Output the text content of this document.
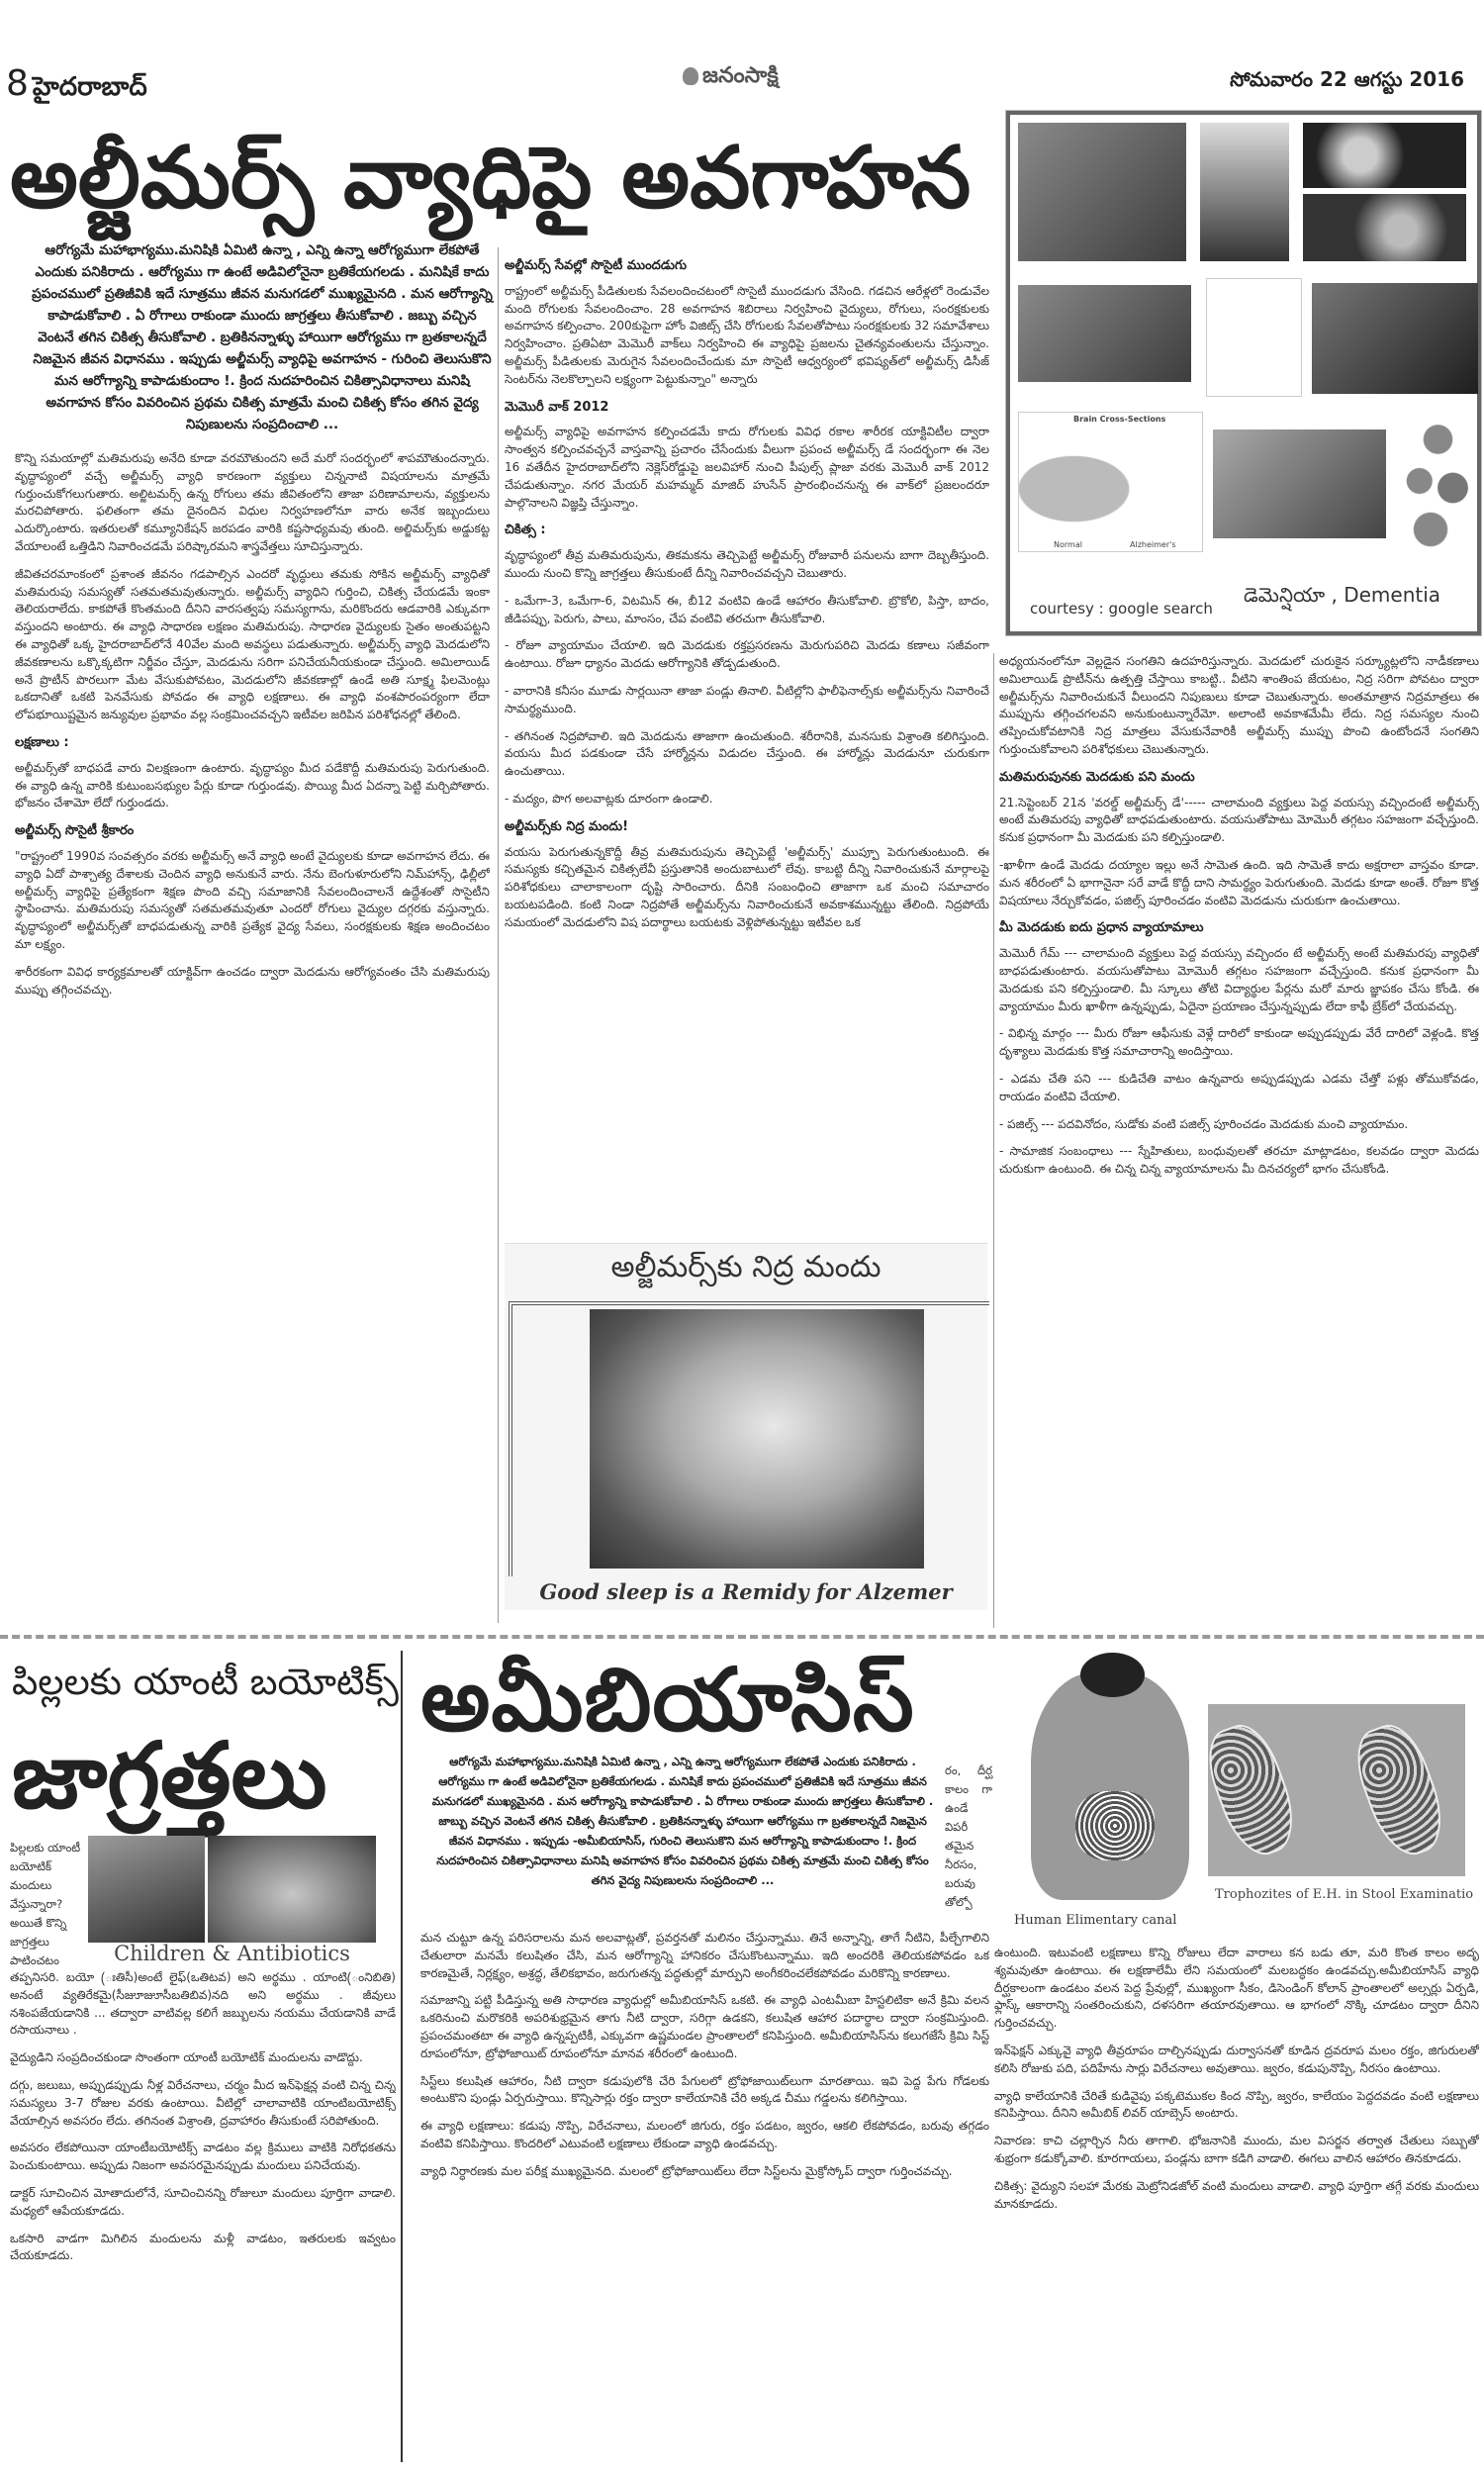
8 హైదరాబాద్	జనంసాక్షి	సోమవారం 22 ఆగస్టు 2016
అల్జీమర్స్ వ్యాధిపై అవగాహన
ఆరోగ్యమే మహాభాగ్యము.మనిషికి ఏమిటి ఉన్నా , ఎన్ని ఉన్నా ఆరోగ్యముగా లేకపోతే ఎందుకు పనికిరాదు . ఆరోగ్యము గా ఉంటే అడివిలోనైనా బ్రతికేయగలడు . మనిషికే కాదు ప్రపంచములో ప్రతిజీవికి ఇదే సూత్రము జీవన మనుగడలో ముఖ్యమైనది . మన ఆరోగ్యాన్ని కాపాడుకోవాలి . ఏ రోగాలు రాకుండా ముందు జాగ్రత్తలు తీసుకోవాలి . జబ్బు వచ్చిన వెంటనే తగిన చికిత్స తీసుకోవాలి . బ్రతికినన్నాళ్ళు హాయిగా ఆరోగ్యము గా బ్రతకాలన్నదే నిజమైన జీవన విధానము . ఇప్పుడు అల్జీమర్స్ వ్యాధిపై అవగాహన - గురించి తెలుసుకొని మన ఆరోగ్యాన్ని కాపాడుకుందాం !. క్రింద నుదహరించిన చికిత్సావిధానాలు మనిషి అవగాహన కోసం వివరించిన ప్రథమ చికిత్స మాత్రమే మంచి చికిత్స కోసం తగిన వైద్య నిపుణులను సంప్రదించాలి ...

కొన్ని సమయాల్లో మతిమరుపు అనేది కూడా వరమౌతుందని అదే మరో సందర్భంలో శాపమౌతుందన్నారు. వృద్ధాప్యంలో వచ్చే అల్జీమర్స్ వ్యాధి కారణంగా వ్యక్తులు చిన్ననాటి విషయాలను మాత్రమే గుర్తుంచుకోగలుగుతారు. అల్జిటమర్స్ ఉన్న రోగులు తమ జీవితంలోని తాజా పరిణామాలను, వ్యక్తులను మరచిపోతారు. ఫలితంగా తమ దైనందిన విధుల నిర్వహణలోనూ వారు అనేక ఇబ్బందులు ఎదుర్కొంటారు. ఇతరులతో కమ్యూనికేషన్ జరపడం వారికి కష్టసాధ్యమవు తుంది. అల్జిమర్స్‌కు అడ్డుకట్ట వేయాలంటే ఒత్తిడిని నివారించడమే పరిష్కారమని శాస్త్రవేత్తలు సూచిస్తున్నారు.

జీవితచరమాంకంలో ప్రశాంత జీవనం గడపాల్సిన ఎందరో వృద్ధులు తమకు సోకిన అల్జీమర్స్ వ్యాధితో మతిమరుపు సమస్యతో సతమతమవుతున్నారు. అల్జీమర్స్ వ్యాధిని గుర్తించి, చికిత్స చేయడమే ఇంకా తెలియరాలేదు. కాకపోతే కొంతమంది దీనిని వారసత్వపు సమస్యగాను, మరికొందరు ఆడవారికి ఎక్కువగా వస్తుందని అంటారు. ఈ వ్యాధి సాధారణ లక్షణం మతిమరుపు. సాధారణ వైద్యులకు సైతం అంతుపట్టని ఈ వ్యాధితో ఒక్క హైదరాబాద్‌లోనే 40వేల మంది అవస్థలు పడుతున్నారు. అల్జీమర్స్ వ్యాధి మెదడులోని జీవకణాలను ఒక్కొక్కటిగా నిర్జీవం చేస్తూ, మెదడును సరిగా పనిచేయనీయకుండా చేస్తుంది. అమిలాయిడ్ అనే ప్రొటీన్ పొరలుగా మేట వేసుకుపోవటం, మెదడులోని జీవకణాల్లో ఉండే అతి సూక్ష్మ ఫిలమెంట్లు ఒకదానితో ఒకటి పెనవేసుకు పోవడం ఈ వ్యాధి లక్షణాలు. ఈ వ్యాధి వంశపారంపర్యంగా లేదా లోపభూయిష్టమైన జన్యువుల ప్రభావం వల్ల సంక్రమించవచ్చని ఇటీవల జరిపిన పరిశోధనల్లో తేలింది.

లక్షణాలు :

అల్జీమర్స్‌తో బాధపడే వారు విలక్షణంగా ఉంటారు. వృద్ధాప్యం మీద పడేకొద్దీ మతిమరుపు పెరుగుతుంది. ఈ వ్యాధి ఉన్న వారికి కుటుంబసభ్యుల పేర్లు కూడా గుర్తుండవు. పొయ్యి మీద ఏదన్నా పెట్టి మర్చిపోతారు. భోజనం చేశామో లేదో గుర్తుండదు.

అల్జీమర్స్ సొసైటీ శ్రీకారం

"రాష్ట్రంలో 1990వ సంవత్సరం వరకు అల్జీమర్స్ అనే వ్యాధి అంటే వైద్యులకు కూడా అవగాహన లేదు. ఈ వ్యాధి ఏదో పాశ్చాత్య దేశాలకు చెందిన వ్యాధి అనుకునే వారు. నేను బెంగుళూరులోని నిమ్‌హాన్స్, ఢిల్లీలో అల్జీమర్స్ వ్యాధిపై ప్రత్యేకంగా శిక్షణ పొంది వచ్చి సమాజానికి సేవలందించాలనే ఉద్దేశంతో సొసైటీని స్థాపించాను. మతిమరుపు సమస్యతో సతమతమవుతూ ఎందరో రోగులు వైద్యుల దగ్గరకు వస్తున్నారు. వృద్ధాప్యంలో అల్జీమర్స్‌తో బాధపడుతున్న వారికి ప్రత్యేక వైద్య సేవలు, సంరక్షకులకు శిక్షణ అందించటం మా లక్ష్యం.

శారీరకంగా వివిధ కార్యక్రమాలతో యాక్టివ్‌గా ఉంచడం ద్వారా మెదడును ఆరోగ్యవంతం చేసి మతిమరుపు ముప్పు తగ్గించవచ్చు.

అల్జీమర్స్ సేవల్లో సొసైటీ ముందడుగు

రాష్ట్రంలో అల్జీమర్స్ పీడితులకు సేవలందించటంలో సొసైటీ ముందడుగు వేసింది. గడచిన ఆరేళ్లలో రెండువేల మంది రోగులకు సేవలందించాం. 28 అవగాహన శిబిరాలు నిర్వహించి వైద్యులు, రోగులు, సంరక్షకులకు అవగాహన కల్పించాం. 200కుపైగా హోం విజిట్స్ చేసి రోగులకు సేవలతోపాటు సంరక్షకులకు 32 సమావేశాలు నిర్వహించాం. ప్రతిఏటా మెమొరీ వాక్‌లు నిర్వహించి ఈ వ్యాధిపై ప్రజలను చైతన్యవంతులను చేస్తున్నాం. అల్జీమర్స్ పీడితులకు మెరుగైన సేవలందించేందుకు మా సొసైటీ ఆధ్వర్యంలో భవిష్యత్‌లో అల్జీమర్స్ డిసీజ్ సెంటర్‌ను నెలకొల్పాలని లక్ష్యంగా పెట్టుకున్నాం" అన్నారు

మెమొరీ వాక్ 2012

అల్జీమర్స్ వ్యాధిపై అవగాహన కల్పించడమే కాదు రోగులకు వివిధ రకాల శారీరక యాక్టివిటీల ద్వారా సాంత్వన కల్పించవచ్చనే వాస్తవాన్ని ప్రచారం చేసేందుకు వీలుగా ప్రపంచ అల్జీమర్స్ డే సందర్భంగా ఈ నెల 16 వతేదీన హైదరాబాద్‌లోని నెక్లెస్‌రోడ్డుపై జలవిహార్ నుంచి పీపుల్స్ ప్లాజా వరకు మెమొరీ వాక్ 2012 చేపడుతున్నాం. నగర మేయర్ మహమ్మద్ మాజిద్ హుసేన్ ప్రారంభించనున్న ఈ వాక్‌లో ప్రజలందరూ పాల్గొనాలని విజ్ఞప్తి చేస్తున్నాం.

చికిత్స :

వృద్ధాప్యంలో తీవ్ర మతిమరుపును, తికమకను తెచ్చిపెట్టే అల్జీమర్స్ రోజువారీ పనులను బాగా దెబ్బతీస్తుంది. ముందు నుంచి కొన్ని జాగ్రత్తలు తీసుకుంటే దీన్ని నివారించవచ్చని చెబుతారు.

- ఒమేగా-3, ఒమేగా-6, విటమిన్ ఈ, బీ12 వంటివి ఉండే ఆహారం తీసుకోవాలి. బ్రొకోలి, పిస్తా, బాదం, జీడిపప్పు, పెరుగు, పాలు, మాంసం, చేప వంటివి తరచుగా తీసుకోవాలి.

- రోజూ వ్యాయామం చేయాలి. ఇది మెదడుకు రక్తప్రసరణను మెరుగుపరిచి మెదడు కణాలు సజీవంగా ఉంటాయి. రోజూ ధ్యానం మెదడు ఆరోగ్యానికి తోడ్పడుతుంది.

- వారానికి కనీసం మూడు సార్లయినా తాజా పండ్లు తినాలి. వీటిల్లోని ఫాలీఫెనాల్స్‌కు అల్జీమర్స్‌ను నివారించే సామర్థ్యముంది.

- తగినంత నిద్రపోవాలి. ఇది మెదడును తాజాగా ఉంచుతుంది. శరీరానికి, మనసుకు విశ్రాంతి కలిగిస్తుంది. వయసు మీద పడకుండా చేసే హార్మోన్లను విడుదల చేస్తుంది. ఈ హార్మోన్లు మెదడునూ చురుకుగా ఉంచుతాయి.

- మద్యం, పొగ అలవాట్లకు దూరంగా ఉండాలి.

అల్జీమర్స్‌కు నిద్ర మందు!

వయసు పెరుగుతున్నకొద్దీ తీవ్ర మతిమరుపును తెచ్చిపెట్టే 'అల్జీమర్స్' ముప్పూ పెరుగుతుంటుంది. ఈ సమస్యకు కచ్చితమైన చికిత్సలేవీ ప్రస్తుతానికి అందుబాటులో లేవు. కాబట్టి దీన్ని నివారించుకునే మార్గాలపై పరిశోధకులు చాలాకాలంగా దృష్టి సారించారు. దీనికి సంబంధించి తాజాగా ఒక మంచి సమాచారం బయటపడింది. కంటి నిండా నిద్రపోతే అల్జీమర్స్‌ను నివారించుకునే అవకాశమున్నట్టు తేలింది. నిద్రపోయే సమయంలో మెదడులోని విష పదార్థాలు బయటకు వెళ్లిపోతున్నట్టు ఇటీవల ఒక

అధ్యయనంలోనూ వెల్లడైన సంగతిని ఉదహరిస్తున్నారు. మెదడులో చురుకైన సర్క్యూట్లలోని నాడీకణాలు అమిలాయిడ్ ప్రొటీన్‌ను ఉత్పత్తి చేస్తాయి కాబట్టి.. వీటిని శాంతింప జేయటం, నిద్ర సరిగా పోవటం ద్వారా అల్జీమర్స్‌ను నివారించుకునే వీలుందని నిపుణులు కూడా చెబుతున్నారు. అంతమాత్రాన నిద్రమాత్రలు ఈ ముప్పును తగ్గించగలవని అనుకుంటున్నారేమో. అలాంటి అవకాశమేమీ లేదు. నిద్ర సమస్యల నుంచి తప్పించుకోవటానికి నిద్ర మాత్రలు వేసుకునేవారికీ అల్జీమర్స్ ముప్పు పొంచి ఉంటోందనే సంగతిని గుర్తుంచుకోవాలని పరిశోధకులు చెబుతున్నారు.

మతిమరుపునకు మెదడుకు పని మందు

21.సెప్టెంబర్ 21న 'వరల్డ్ అల్జీమర్స్ డే'----- చాలామంది వ్యక్తులు పెద్ద వయస్సు వచ్చిందంటే అల్జీమర్స్ అంటే మతిమరపు వ్యాధితో బాధపడుతుంటారు. వయసుతోపాటు మోమొరీ తగ్గటం సహజంగా వచ్చేస్తుంది. కనుక ప్రధానంగా మీ మెదడుకు పని కల్పిస్తుండాలి.

-ఖాళీగా ఉండే మెదడు దయ్యాల ఇల్లు అనే సామెత ఉంది. ఇది సామెతే కాదు అక్షరాలా వాస్తవం కూడా. మన శరీరంలో ఏ భాగానైనా సరే వాడే కొద్దీ దాని సామర్థ్యం పెరుగుతుంది. మెదడు కూడా అంతే. రోజూ కొత్త విషయాలు నేర్చుకోవడం, పజిల్స్ పూరించడం వంటివి మెదడును చురుకుగా ఉంచుతాయి.

మీ మెదడుకు ఐదు ప్రధాన వ్యాయామాలు

మెమొరీ గేమ్ --- చాలామంది వ్యక్తులు పెద్ద వయస్సు వచ్చిందం టే అల్జీమర్స్ అంటే మతిమరపు వ్యాధితో బాధపడుతుంటారు. వయసుతోపాటు మోమొరీ తగ్గటం సహజంగా వచ్చేస్తుంది. కనుక ప్రధానంగా మీ మెదడుకు పని కల్పిస్తుండాలి. మీ స్కూలు తోటి విద్యార్థుల పేర్లను మరో మారు జ్ఞాపకం చేసు కోండి. ఈ వ్యాయామం మీరు ఖాళీగా ఉన్నప్పుడు, ఏదైనా ప్రయాణం చేస్తున్నప్పుడు లేదా కాఫీ బ్రేక్‌లో చేయవచ్చు.

- విభిన్న మార్గం --- మీరు రోజూ ఆఫీసుకు వెళ్లే దారిలో కాకుండా అప్పుడప్పుడు వేరే దారిలో వెళ్లండి. కొత్త దృశ్యాలు మెదడుకు కొత్త సమాచారాన్ని అందిస్తాయి.

- ఎడమ చేతి పని --- కుడిచేతి వాటం ఉన్నవారు అప్పుడప్పుడు ఎడమ చేత్తో పళ్లు తోముకోవడం, రాయడం వంటివి చేయాలి.

- పజిల్స్ --- పదవినోదం, సుడోకు వంటి పజిల్స్ పూరించడం మెదడుకు మంచి వ్యాయామం.

- సామాజిక సంబంధాలు --- స్నేహితులు, బంధువులతో తరచూ మాట్లాడటం, కలవడం ద్వారా మెదడు చురుకుగా ఉంటుంది. ఈ చిన్న చిన్న వ్యాయామాలను మీ దినచర్యలో భాగం చేసుకోండి.

Brain Cross-Sections
Normal	Alzheimer's
courtesy : google search
డెమెన్షియా , Dementia
అల్జీమర్స్‌కు నిద్ర మందు
Good sleep is a Remidy for Alzemer
పిల్లలకు యాంటీ బయోటిక్స్
జాగ్రత్తలు
పిల్లలకు యాంటీ బయోటిక్ మందులు వేస్తున్నారా? అయితే కొన్ని జాగ్రత్తలు పాటించటం	Children & Antibiotics

తప్పనిసరి. బయో (ఃతిసీ)అంటే లైఫ్(ఒతిటవ) అని అర్థము . యాంటి(ంనిబితి) అనంటే వ్యతిరేకమై(సీజుూజుూసీబతిబివ)నది అని అర్థము . జీవులు నశింపజేయడానికి ... తద్వారా వాటివల్ల కలిగే జబ్బులను నయము చేయడానికి వాడే రసాయనాలు .

వైద్యుడిని సంప్రదించకుండా సొంతంగా యాంటీ బయోటిక్ మందులను వాడొద్దు.

దగ్గు, జలుబు, అప్పుడప్పుడు నీళ్ల విరేచనాలు, చర్మం మీద ఇన్‌ఫెక్షన్ల వంటి చిన్న చిన్న సమస్యలు 3-7 రోజుల వరకు ఉంటాయి. వీటిల్లో చాలావాటికి యాంటిబయోటిక్స్ వేయాల్సిన అవసరం లేదు. తగినంత విశ్రాంతి, ద్రవాహారం తీసుకుంటే సరిపోతుంది.

అవసరం లేకపోయినా యాంటీబయోటిక్స్ వాడటం వల్ల క్రిములు వాటికి నిరోధకతను పెంచుకుంటాయి. అప్పుడు నిజంగా అవసరమైనప్పుడు మందులు పనిచేయవు.

డాక్టర్ సూచించిన మోతాదులోనే, సూచించినన్ని రోజులూ మందులు పూర్తిగా వాడాలి. మధ్యలో ఆపేయకూడదు.

ఒకసారి వాడగా మిగిలిన మందులను మళ్లీ వాడటం, ఇతరులకు ఇవ్వటం చేయకూడదు.

అమీబియాసిస్
ఆరోగ్యమే మహాభాగ్యము.మనిషికి ఏమిటి ఉన్నా , ఎన్ని ఉన్నా ఆరోగ్యముగా లేకపోతే ఎందుకు పనికిరాదు . ఆరోగ్యము గా ఉంటే అడివిలోనైనా బ్రతికేయగలడు . మనిషికే కాదు ప్రపంచములో ప్రతిజీవికి ఇదే సూత్రము జీవన మనుగడలో ముఖ్యమైనది . మన ఆరోగ్యాన్ని కాపాడుకోవాలి . ఏ రోగాలు రాకుండా ముందు జాగ్రత్తలు తీసుకోవాలి . జాబ్బు వచ్చిన వెంటనే తగిన చికిత్స తీసుకోవాలి . బ్రతికినన్నాళ్ళు హాయిగా ఆరోగ్యము గా బ్రతకాలన్నదే నిజమైన జీవన విధానము . ఇప్పుడు -అమీబియాసిస్, గురించి తెలుసుకొని మన ఆరోగ్యాన్ని కాపాడుకుందాం !. క్రింద నుదహరించిన చికిత్సావిధానాలు మనిషి అవగాహన కోసం వివరించిన ప్రథమ చికిత్స మాత్రమే మంచి చికిత్స కోసం తగిన వైద్య నిపుణులను సంప్రదించాలి ...
రం, దీర్ఘ కాలం గా ఉండే విపరీ తమైన నీరసం, బరువు తోల్పో

మన చుట్టూ ఉన్న పరిసరాలను మన అలవాట్లతో, ప్రవర్తనతో మలినం చేస్తున్నాము. తినే అన్నాన్ని, తాగే నీటిని, పీల్చేగాలిని చేతులారా మనమే కలుషితం చేసి, మన ఆరోగ్యాన్ని హానికరం చేసుకొంటున్నాము. ఇది అందరికి తెలియకపోవడం ఒక కారణమైతే, నిర్లక్ష్యం, అశ్రద్ధ, తేలికభావం, జరుగుతన్న పద్ధతుల్లో మార్పుని అంగీకరించలేకపోవడం మరికొన్ని కారణాలు.

సమాజాన్ని పట్టి పీడిస్తున్న అతి సాధారణ వ్యాధుల్లో అమీబియాసిస్ ఒకటి. ఈ వ్యాధి ఎంటమీబా హిస్టలిటికా అనే క్రిమి వలన ఒకరినుంచి మరొకరికి అపరిశుభ్రమైన తాగు నీటి ద్వారా, సరిగ్గా ఉడకని, కలుషిత ఆహార పదార్థాల ద్వారా సంక్రమిస్తుంది. ప్రపంచమంతటా ఈ వ్యాధి ఉన్నప్పటికీ, ఎక్కువగా ఉష్ణమండల ప్రాంతాలలో కనిపిస్తుంది. అమీబియాసిస్‌ను కలుగజేసే క్రిమి సిస్ట్ రూపంలోనూ, ట్రోఫోజాయిట్ రూపంలోనూ మానవ శరీరంలో ఉంటుంది.

సిస్ట్‌లు కలుషిత ఆహారం, నీటి ద్వారా కడుపులోకి చేరి పేగులలో ట్రోఫోజాయిట్‌లుగా మారతాయి. ఇవి పెద్ద పేగు గోడలకు అంటుకొని పుండ్లు ఏర్పరుస్తాయి. కొన్నిసార్లు రక్తం ద్వారా కాలేయానికి చేరి అక్కడ చీము గడ్డలను కలిగిస్తాయి.

ఈ వ్యాధి లక్షణాలు: కడుపు నొప్పి, విరేచనాలు, మలంలో జిగురు, రక్తం పడటం, జ్వరం, ఆకలి లేకపోవడం, బరువు తగ్గడం వంటివి కనిపిస్తాయి. కొందరిలో ఎటువంటి లక్షణాలు లేకుండా వ్యాధి ఉండవచ్చు.

వ్యాధి నిర్ధారణకు మల పరీక్ష ముఖ్యమైనది. మలంలో ట్రోఫోజాయిట్‌లు లేదా సిస్ట్‌లను మైక్రోస్కోప్ ద్వారా గుర్తించవచ్చు.

ఉంటుంది. ఇటువంటి లక్షణాలు కొన్ని రోజులు లేదా వారాలు కన బడు తూ, మరి కొంత కాలం అదృ శ్యమవుతూ ఉంటాయి. ఈ లక్షణాలేమీ లేని సమయంలో మలబద్ధకం ఉండవచ్చు.అమీబియాసిస్ వ్యాధి దీర్ఘకాలంగా ఉండటం వలన పెద్ద ప్రేవుల్లో, ముఖ్యంగా సీకం, డిసెండింగ్ కోలాన్ ప్రాంతాలలో అల్సర్లు ఏర్పడి, ఫ్లాస్క్ ఆకారాన్ని సంతరించుకుని, దళసరిగా తయారవుతాయి. ఆ భాగంలో నొక్కి చూడటం ద్వారా దీనిని గుర్తించవచ్చు.

ఇన్‌ఫెక్షన్ ఎక్కువై వ్యాధి తీవ్రరూపం దాల్చినప్పుడు దుర్వాసనతో కూడిన ద్రవరూప మలం రక్తం, జిగురులతో కలిసి రోజుకు పది, పదిహేను సార్లు విరేచనాలు అవుతాయి. జ్వరం, కడుపునొప్పి, నీరసం ఉంటాయి.

వ్యాధి కాలేయానికి చేరితే కుడివైపు పక్కటెముకల కింద నొప్పి, జ్వరం, కాలేయం పెద్దదవడం వంటి లక్షణాలు కనిపిస్తాయి. దీనిని అమీబిక్ లివర్ యాబ్సెస్ అంటారు.

నివారణ: కాచి చల్లార్చిన నీరు తాగాలి. భోజనానికి ముందు, మల విసర్జన తర్వాత చేతులు సబ్బుతో శుభ్రంగా కడుక్కోవాలి. కూరగాయలు, పండ్లను బాగా కడిగి వాడాలి. ఈగలు వాలిన ఆహారం తినకూడదు.

చికిత్స: వైద్యుని సలహా మేరకు మెట్రోనిడజోల్ వంటి మందులు వాడాలి. వ్యాధి పూర్తిగా తగ్గే వరకు మందులు మానకూడదు.

Human Elimentary canal
Trophozites of E.H. in Stool Examinatio
